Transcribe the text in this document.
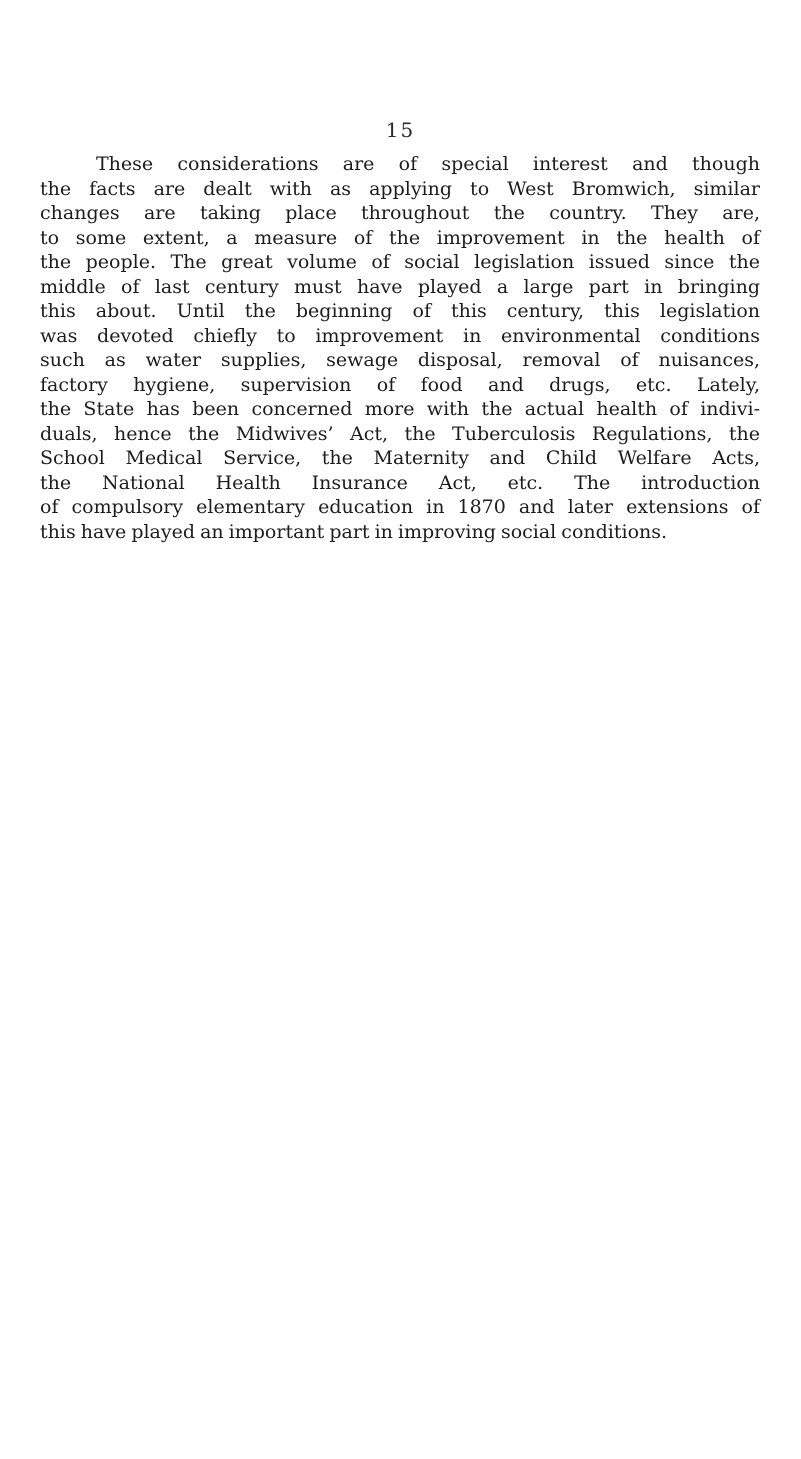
15
These considerations are of special interest and though
the facts are dealt with as applying to West Bromwich, similar
changes are taking place throughout the country. They are,
to some extent, a measure of the improvement in the health of
the people. The great volume of social legislation issued since the
middle of last century must have played a large part in bringing
this about. Until the beginning of this century, this legislation
was devoted chiefly to improvement in environmental conditions
such as water supplies, sewage disposal, removal of nuisances,
factory hygiene, supervision of food and drugs, etc. Lately,
the State has been concerned more with the actual health of indivi-
duals, hence the Midwives’ Act, the Tuberculosis Regulations, the
School Medical Service, the Maternity and Child Welfare Acts,
the National Health Insurance Act, etc. The introduction
of compulsory elementary education in 1870 and later extensions of
this have played an important part in improving social conditions.
